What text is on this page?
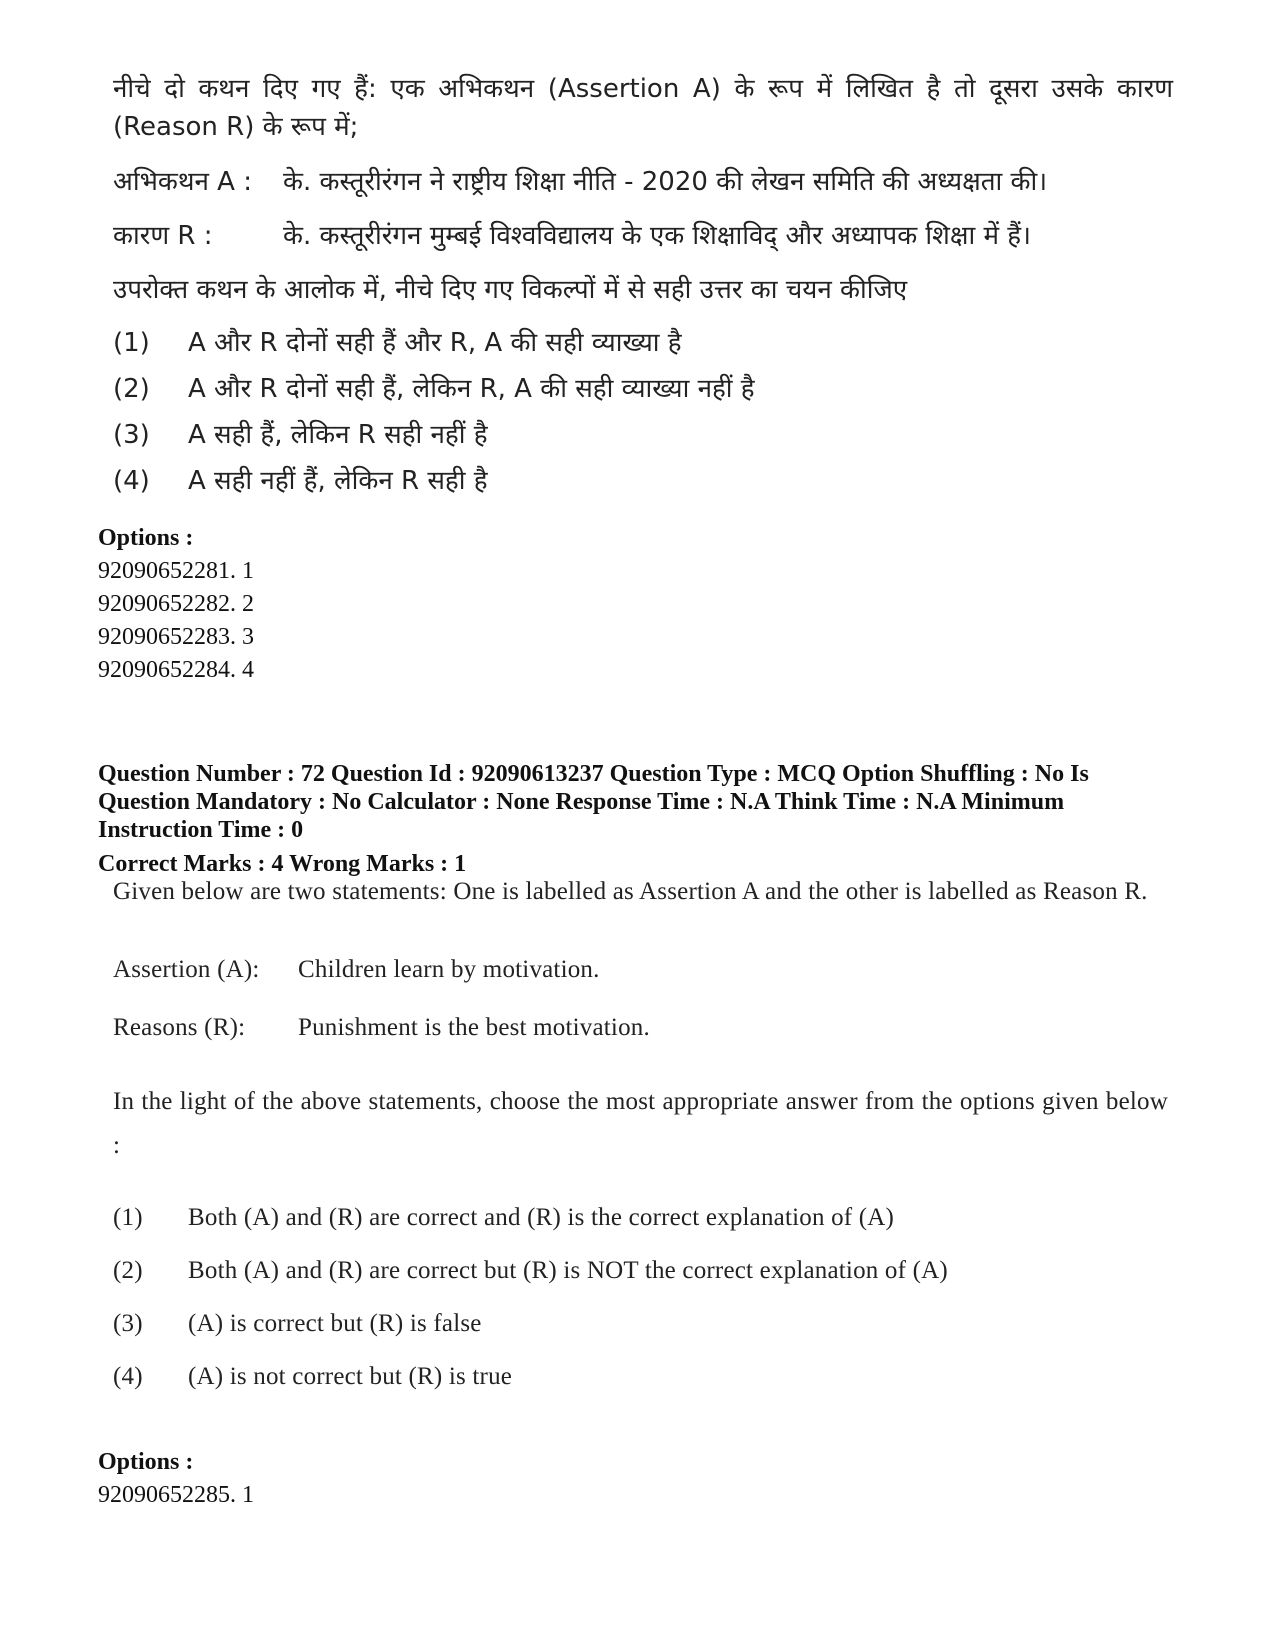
नीचे दो कथन दिए गए हैं: एक अभिकथन (Assertion A) के रूप में लिखित है तो दूसरा उसके कारण (Reason R) के रूप में;

अभिकथन A :	के. कस्तूरीरंगन ने राष्ट्रीय शिक्षा नीति - 2020 की लेखन समिति की अध्यक्षता की।
कारण R :	के. कस्तूरीरंगन मुम्बई विश्वविद्यालय के एक शिक्षाविद् और अध्यापक शिक्षा में हैं।
उपरोक्त कथन के आलोक में, नीचे दिए गए विकल्पों में से सही उत्तर का चयन कीजिए
(1)	A और R दोनों सही हैं और R, A की सही व्याख्या है
(2)	A और R दोनों सही हैं, लेकिन R, A की सही व्याख्या नहीं है
(3)	A सही हैं, लेकिन R सही नहीं है
(4)	A सही नहीं हैं, लेकिन R सही है
Options :
92090652281. 1
92090652282. 2
92090652283. 3
92090652284. 4
Question Number : 72 Question Id : 92090613237 Question Type : MCQ Option Shuffling : No Is Question Mandatory : No Calculator : None Response Time : N.A Think Time : N.A Minimum Instruction Time : 0
Correct Marks : 4 Wrong Marks : 1

Given below are two statements: One is labelled as Assertion A and the other is labelled as Reason R.

Assertion (A):	Children learn by motivation.
Reasons (R):	Punishment is the best motivation.

In the light of the above statements, choose the most appropriate answer from the options given below :

(1)	Both (A) and (R) are correct and (R) is the correct explanation of (A)
(2)	Both (A) and (R) are correct but (R) is NOT the correct explanation of (A)
(3)	(A) is correct but (R) is false
(4)	(A) is not correct but (R) is true
Options :
92090652285. 1
